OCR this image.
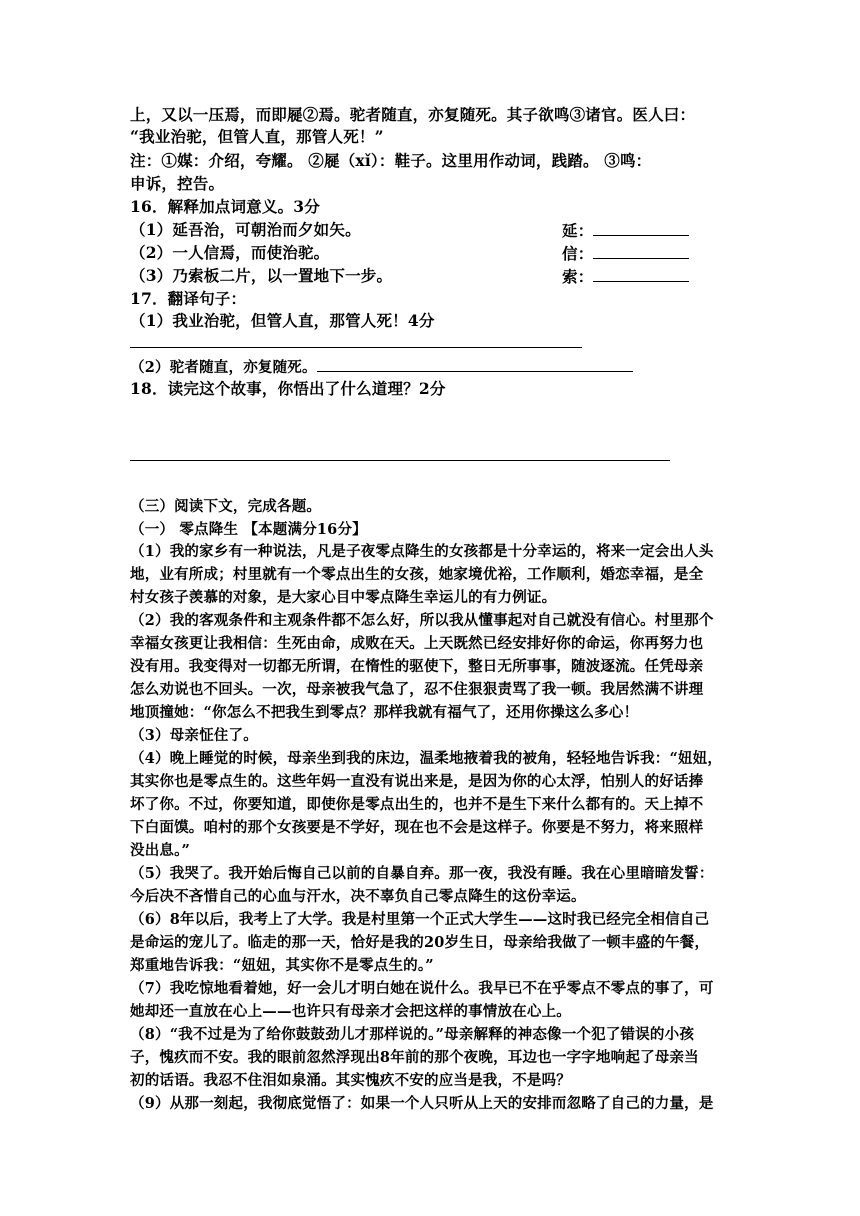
上，又以一压焉，而即屣②焉。驼者随直，亦复随死。其子欲鸣③诸官。医人曰：
“我业治驼，但管人直，那管人死！”
注：①媒：介绍，夸耀。 ②屣（xǐ）：鞋子。这里用作动词，践踏。 ③鸣：
申诉，控告。
16．解释加点词意义。3分
（1）延吾治，可朝治而夕如矢。	延：
（2）一人信焉，而使治驼。	信：
（3）乃索板二片，以一置地下一步。	索：
17．翻译句子：
（1）我业治驼，但管人直，那管人死！4分
（2）驼者随直，亦复随死。
18．读完这个故事，你悟出了什么道理？2分
（三）阅读下文，完成各题。
（一） 零点降生 【本题满分16分】
（1）我的家乡有一种说法，凡是子夜零点降生的女孩都是十分幸运的，将来一定会出人头
地，业有所成；村里就有一个零点出生的女孩，她家境优裕，工作顺利，婚恋幸福，是全
村女孩子羡慕的对象，是大家心目中零点降生幸运儿的有力例证。
（2）我的客观条件和主观条件都不怎么好，所以我从懂事起对自己就没有信心。村里那个
幸福女孩更让我相信：生死由命，成败在天。上天既然已经安排好你的命运，你再努力也
没有用。我变得对一切都无所谓，在惰性的驱使下，整日无所事事，随波逐流。任凭母亲
怎么劝说也不回头。一次，母亲被我气急了，忍不住狠狠责骂了我一顿。我居然满不讲理
地顶撞她：“你怎么不把我生到零点？那样我就有福气了，还用你操这么多心！
（3）母亲怔住了。
（4）晚上睡觉的时候，母亲坐到我的床边，温柔地掖着我的被角，轻轻地告诉我：“妞妞，
其实你也是零点生的。这些年妈一直没有说出来是，是因为你的心太浮，怕别人的好话捧
坏了你。不过，你要知道，即使你是零点出生的，也并不是生下来什么都有的。天上掉不
下白面馍。咱村的那个女孩要是不学好，现在也不会是这样子。你要是不努力，将来照样
没出息。”
（5）我哭了。我开始后悔自己以前的自暴自弃。那一夜，我没有睡。我在心里暗暗发誓：
今后决不吝惜自己的心血与汗水，决不辜负自己零点降生的这份幸运。
（6）8年以后，我考上了大学。我是村里第一个正式大学生——这时我已经完全相信自己
是命运的宠儿了。临走的那一天，恰好是我的20岁生日，母亲给我做了一顿丰盛的午餐，
郑重地告诉我：“妞妞，其实你不是零点生的。”
（7）我吃惊地看着她，好一会儿才明白她在说什么。我早已不在乎零点不零点的事了，可
她却还一直放在心上——也许只有母亲才会把这样的事情放在心上。
（8）“我不过是为了给你鼓鼓劲儿才那样说的。”母亲解释的神态像一个犯了错误的小孩
子，愧疚而不安。我的眼前忽然浮现出8年前的那个夜晚，耳边也一字字地响起了母亲当
初的话语。我忍不住泪如泉涌。其实愧疚不安的应当是我，不是吗？
（9）从那一刻起，我彻底觉悟了：如果一个人只听从上天的安排而忽略了自己的力量，是
